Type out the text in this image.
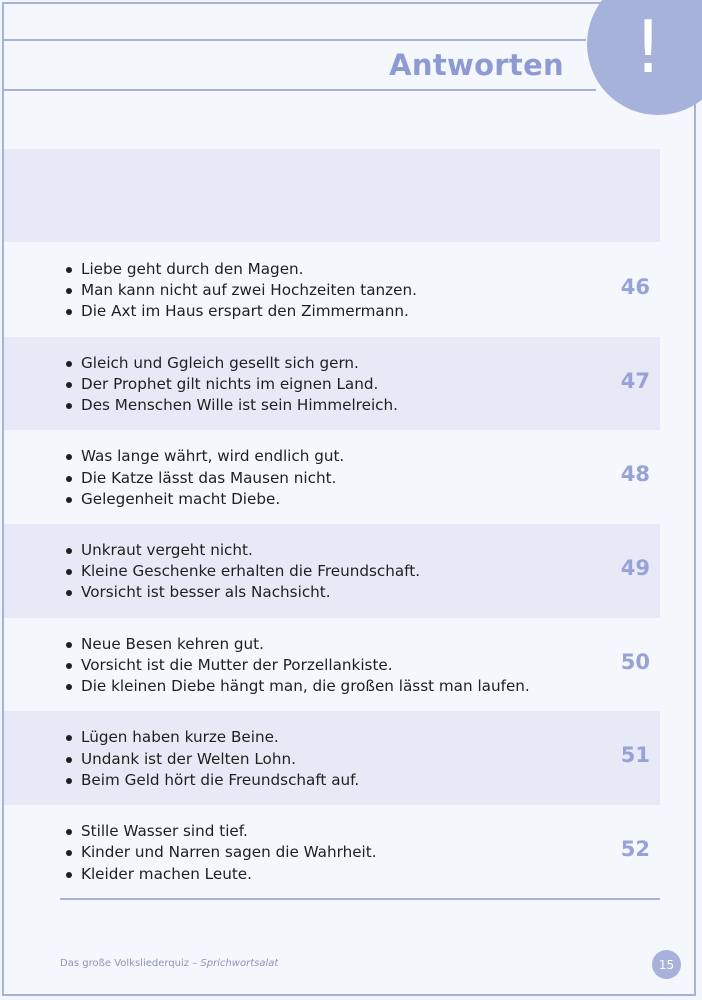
Antworten !
Liebe geht durch den Magen.
Man kann nicht auf zwei Hochzeiten tanzen.
Die Axt im Haus erspart den Zimmermann.
46
Gleich und Ggleich gesellt sich gern.
Der Prophet gilt nichts im eignen Land.
Des Menschen Wille ist sein Himmelreich.
47
Was lange währt, wird endlich gut.
Die Katze lässt das Mausen nicht.
Gelegenheit macht Diebe.
48
Unkraut vergeht nicht.
Kleine Geschenke erhalten die Freundschaft.
Vorsicht ist besser als Nachsicht.
49
Neue Besen kehren gut.
Vorsicht ist die Mutter der Porzellankiste.
Die kleinen Diebe hängt man, die großen lässt man laufen.
50
Lügen haben kurze Beine.
Undank ist der Welten Lohn.
Beim Geld hört die Freundschaft auf.
51
Stille Wasser sind tief.
Kinder und Narren sagen die Wahrheit.
Kleider machen Leute.
52
Das große Volksliederquiz – Sprichwortsalat	15
